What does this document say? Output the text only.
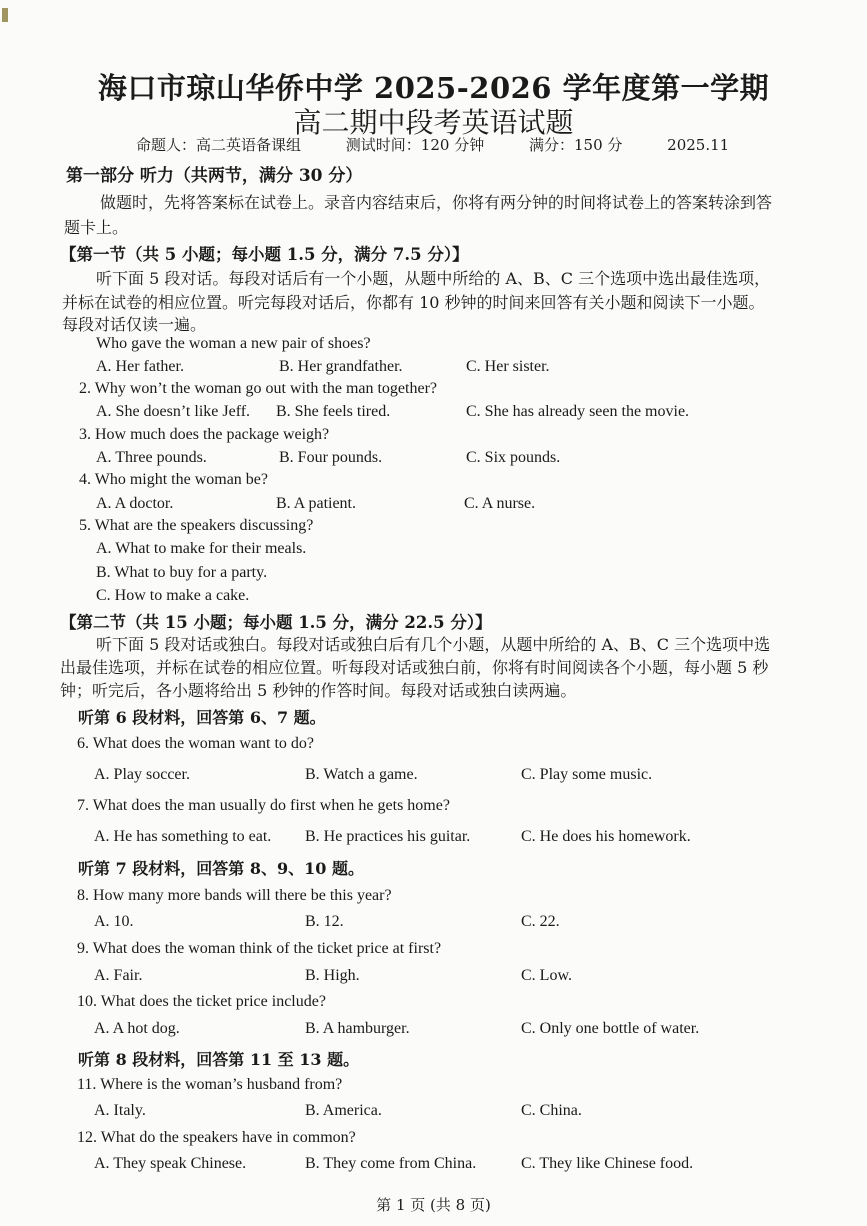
海口市琼山华侨中学 2025-2026 学年度第一学期
高二期中段考英语试题
命题人：高二英语备课组	测试时间：120 分钟	满分：150 分	2025.11
第一部分 听力（共两节，满分 30 分）
做题时，先将答案标在试卷上。录音内容结束后，你将有两分钟的时间将试卷上的答案转涂到答
题卡上。
【第一节（共 5 小题；每小题 1.5 分，满分 7.5 分）】
听下面 5 段对话。每段对话后有一个小题，从题中所给的 A、B、C 三个选项中选出最佳选项，
并标在试卷的相应位置。听完每段对话后，你都有 10 秒钟的时间来回答有关小题和阅读下一小题。
每段对话仅读一遍。
Who gave the woman a new pair of shoes?
A. Her father.	B. Her grandfather.	C. Her sister.
2. Why won’t the woman go out with the man together?
A. She doesn’t like Jeff. B. She feels tired.	C. She has already seen the movie.
3. How much does the package weigh?
A. Three pounds.	B. Four pounds.	C. Six pounds.
4. Who might the woman be?
A. A doctor.	B. A patient.	C. A nurse.
5. What are the speakers discussing?
A. What to make for their meals.
B. What to buy for a party.
C. How to make a cake.
【第二节（共 15 小题；每小题 1.5 分，满分 22.5 分）】
听下面 5 段对话或独白。每段对话或独白后有几个小题，从题中所给的 A、B、C 三个选项中选
出最佳选项，并标在试卷的相应位置。听每段对话或独白前，你将有时间阅读各个小题，每小题 5 秒
钟；听完后，各小题将给出 5 秒钟的作答时间。每段对话或独白读两遍。
听第 6 段材料，回答第 6、7 题。
6. What does the woman want to do?
A. Play soccer.	B. Watch a game.	C. Play some music.
7. What does the man usually do first when he gets home?
A. He has something to eat. B. He practices his guitar.	C. He does his homework.
听第 7 段材料，回答第 8、9、10 题。
8. How many more bands will there be this year?
A. 10.	B. 12.	C. 22.
9. What does the woman think of the ticket price at first?
A. Fair.	B. High.	C. Low.
10. What does the ticket price include?
A. A hot dog.	B. A hamburger.	C. Only one bottle of water.
听第 8 段材料，回答第 11 至 13 题。
11. Where is the woman’s husband from?
A. Italy.	B. America.	C. China.
12. What do the speakers have in common?
A. They speak Chinese.	B. They come from China.	C. They like Chinese food.
第 1 页 (共 8 页)
